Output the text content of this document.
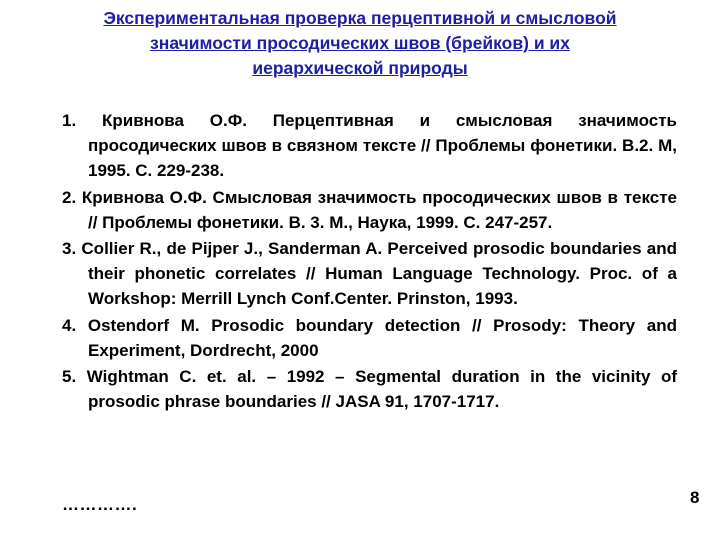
Экспериментальная проверка перцептивной и смысловой
значимости просодических швов (брейков) и их
иерархической природы
1. Кривнова О.Ф. Перцептивная и смысловая значимость просодических швов в связном тексте // Проблемы фонетики. В.2. М, 1995. С. 229-238.
2. Кривнова О.Ф. Смысловая значимость просодических швов в тексте // Проблемы фонетики. В. 3. М., Наука, 1999. С. 247-257.
3. Collier R., de Pijper J., Sanderman A. Perceived prosodic boundaries and their phonetic correlates // Human Language Technology. Proc. of a Workshop: Merrill Lynch Conf.Center. Prinston, 1993.
4. Ostendorf M. Prosodic boundary detection // Prosody: Theory and Experiment, Dordrecht, 2000
5. Wightman C. et. al. – 1992 – Segmental duration in the vicinity of prosodic phrase boundaries // JASA 91, 1707-1717.
………….	8
